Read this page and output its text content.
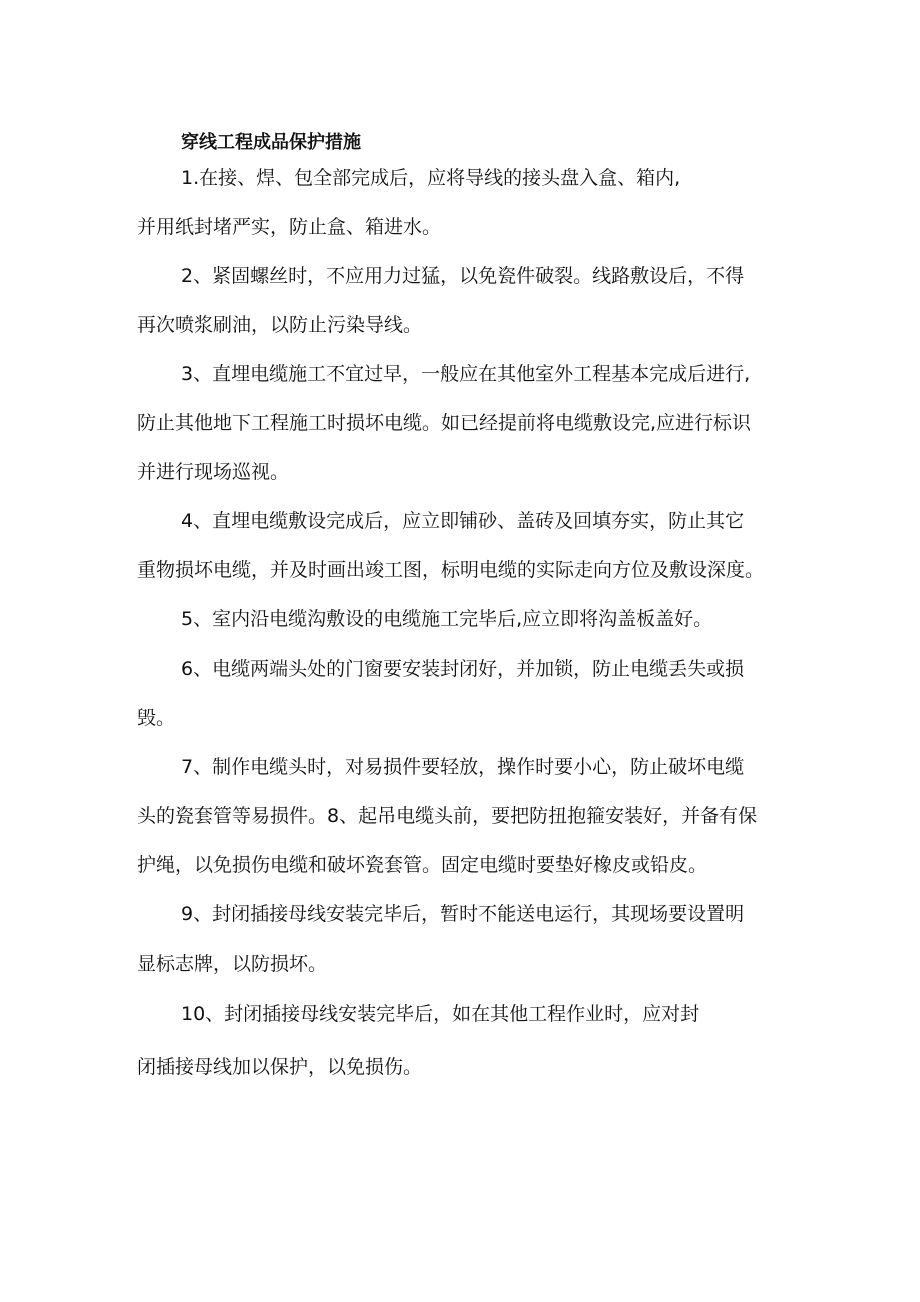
穿线工程成品保护措施
1.在接、焊、包全部完成后，应将导线的接头盘入盒、箱内,
并用纸封堵严实，防止盒、箱进水。
2、紧固螺丝时，不应用力过猛，以免瓷件破裂。线路敷设后，不得
再次喷浆刷油，以防止污染导线。
3、直埋电缆施工不宜过早，一般应在其他室外工程基本完成后进行,
防止其他地下工程施工时损坏电缆。如已经提前将电缆敷设完,应进行标识
并进行现场巡视。
4、直埋电缆敷设完成后，应立即铺砂、盖砖及回填夯实，防止其它
重物损坏电缆，并及时画出竣工图，标明电缆的实际走向方位及敷设深度。
5、室内沿电缆沟敷设的电缆施工完毕后,应立即将沟盖板盖好。
6、电缆两端头处的门窗要安装封闭好，并加锁，防止电缆丢失或损
毁。
7、制作电缆头时，对易损件要轻放，操作时要小心，防止破坏电缆
头的瓷套管等易损件。8、起吊电缆头前，要把防扭抱箍安装好，并备有保
护绳，以免损伤电缆和破坏瓷套管。固定电缆时要垫好橡皮或铅皮。
9、封闭插接母线安装完毕后，暂时不能送电运行，其现场要设置明
显标志牌，以防损坏。
10、封闭插接母线安装完毕后，如在其他工程作业时，应对封
闭插接母线加以保护，以免损伤。
